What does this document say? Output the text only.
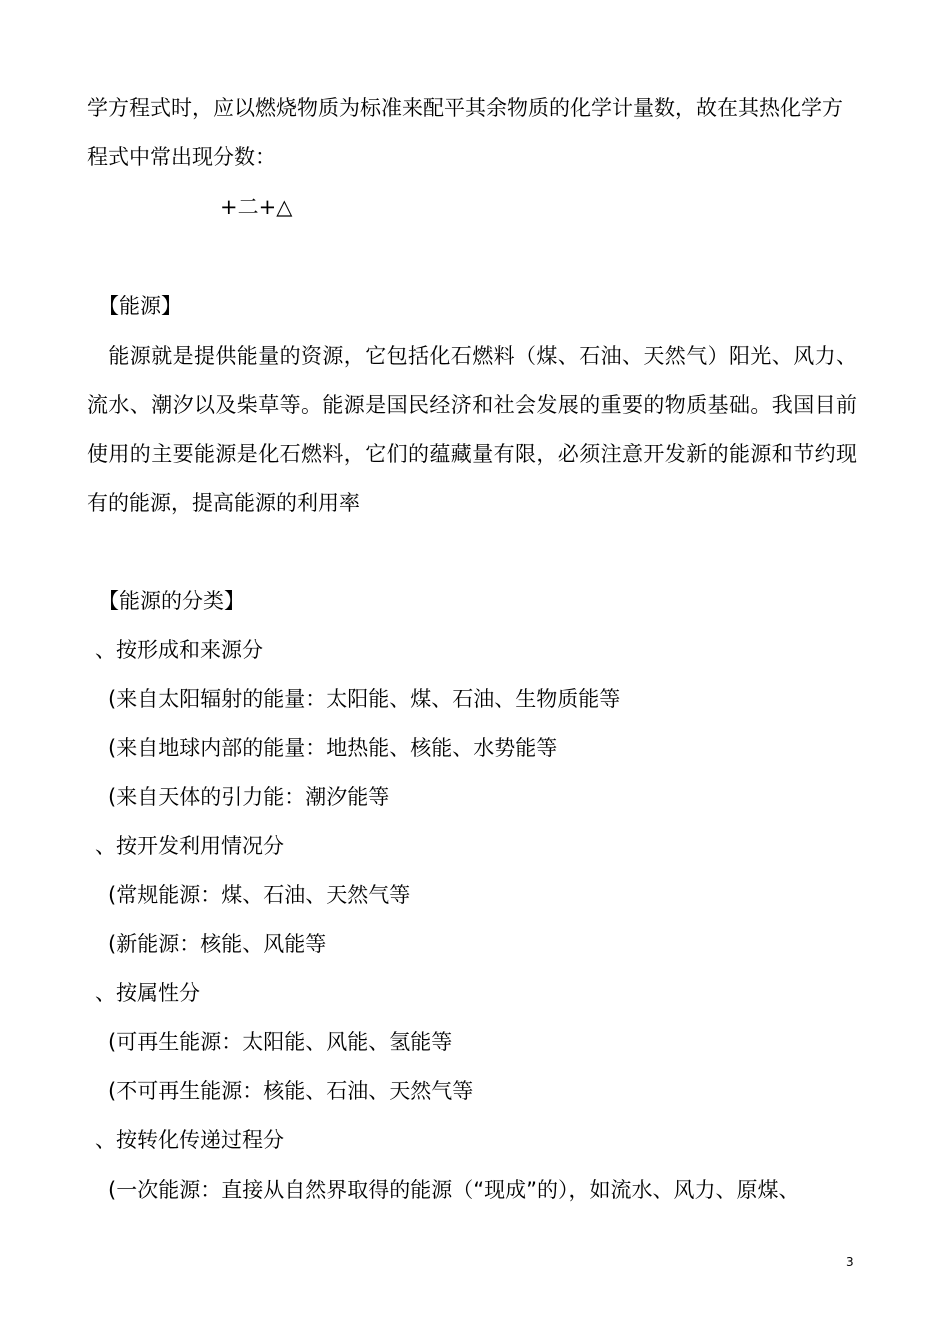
学方程式时，应以燃烧物质为标准来配平其余物质的化学计量数，故在其热化学方
程式中常出现分数：
+二+△
【能源】

　能源就是提供能量的资源，它包括化石燃料（煤、石油、天然气）阳光、风力、流水、潮汐以及柴草等。能源是国民经济和社会发展的重要的物质基础。我国目前使用的主要能源是化石燃料，它们的蕴藏量有限，必须注意开发新的能源和节约现有的能源，提高能源的利用率

【能源的分类】
、按形成和来源分
(来自太阳辐射的能量：太阳能、煤、石油、生物质能等
(来自地球内部的能量：地热能、核能、水势能等
(来自天体的引力能：潮汐能等
、按开发利用情况分
(常规能源：煤、石油、天然气等
(新能源：核能、风能等
、按属性分
(可再生能源：太阳能、风能、氢能等
(不可再生能源：核能、石油、天然气等
、按转化传递过程分
(一次能源：直接从自然界取得的能源（“现成”的），如流水、风力、原煤、
3
